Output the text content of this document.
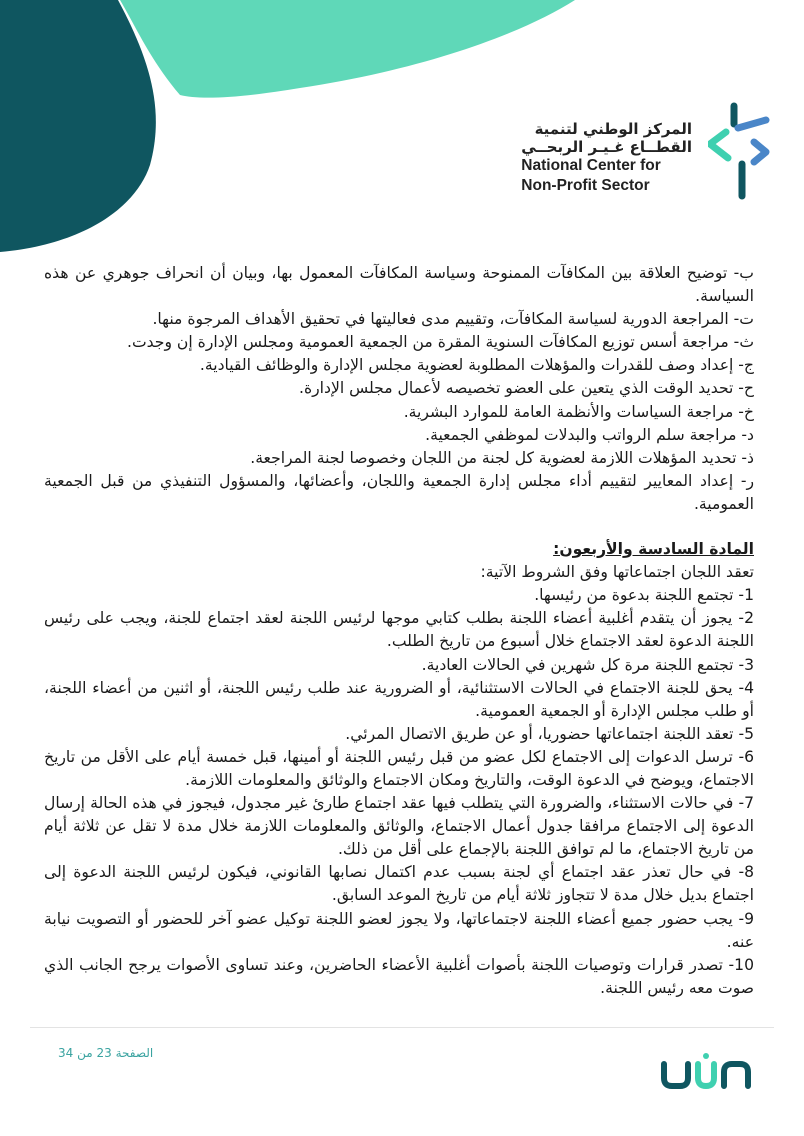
المركز الوطني لتنمية
القطــاع غـيـر الربحــي
National Center for
Non-Profit Sector

ب- توضيح العلاقة بين المكافآت الممنوحة وسياسة المكافآت المعمول بها، وبيان أن انحراف جوهري عن هذه السياسة.

ت- المراجعة الدورية لسياسة المكافآت، وتقييم مدى فعاليتها في تحقيق الأهداف المرجوة منها.

ث- مراجعة أسس توزيع المكافآت السنوية المقرة من الجمعية العمومية ومجلس الإدارة إن وجدت.

ج- إعداد وصف للقدرات والمؤهلات المطلوبة لعضوية مجلس الإدارة والوظائف القيادية.

ح- تحديد الوقت الذي يتعين على العضو تخصيصه لأعمال مجلس الإدارة.

خ- مراجعة السياسات والأنظمة العامة للموارد البشرية.

د- مراجعة سلم الرواتب والبدلات لموظفي الجمعية.

ذ- تحديد المؤهلات اللازمة لعضوية كل لجنة من اللجان وخصوصا لجنة المراجعة.

ر- إعداد المعايير لتقييم أداء مجلس إدارة الجمعية واللجان، وأعضائها، والمسؤول التنفيذي من قبل الجمعية العمومية.

المادة السادسة والأربعون:

تعقد اللجان اجتماعاتها وفق الشروط الآتية:

1- تجتمع اللجنة بدعوة من رئيسها.

2- يجوز أن يتقدم أغلبية أعضاء اللجنة بطلب كتابي موجها لرئيس اللجنة لعقد اجتماع للجنة، ويجب على رئيس اللجنة الدعوة لعقد الاجتماع خلال أسبوع من تاريخ الطلب.

3- تجتمع اللجنة مرة كل شهرين في الحالات العادية.

4- يحق للجنة الاجتماع في الحالات الاستثنائية، أو الضرورية عند طلب رئيس اللجنة، أو اثنين من أعضاء اللجنة، أو طلب مجلس الإدارة أو الجمعية العمومية.

5- تعقد اللجنة اجتماعاتها حضوريا، أو عن طريق الاتصال المرئي.

6- ترسل الدعوات إلى الاجتماع لكل عضو من قبل رئيس اللجنة أو أمينها، قبل خمسة أيام على الأقل من تاريخ الاجتماع، ويوضح في الدعوة الوقت، والتاريخ ومكان الاجتماع والوثائق والمعلومات اللازمة.

7- في حالات الاستثناء، والضرورة التي يتطلب فيها عقد اجتماع طارئ غير مجدول، فيجوز في هذه الحالة إرسال الدعوة إلى الاجتماع مرافقا جدول أعمال الاجتماع، والوثائق والمعلومات اللازمة خلال مدة لا تقل عن ثلاثة أيام من تاريخ الاجتماع، ما لم توافق اللجنة بالإجماع على أقل من ذلك.

8- في حال تعذر عقد اجتماع أي لجنة بسبب عدم اكتمال نصابها القانوني، فيكون لرئيس اللجنة الدعوة إلى اجتماع بديل خلال مدة لا تتجاوز ثلاثة أيام من تاريخ الموعد السابق.

9- يجب حضور جميع أعضاء اللجنة لاجتماعاتها، ولا يجوز لعضو اللجنة توكيل عضو آخر للحضور أو التصويت نيابة عنه.

10- تصدر قرارات وتوصيات اللجنة بأصوات أغلبية الأعضاء الحاضرين، وعند تساوى الأصوات يرجح الجانب الذي صوت معه رئيس اللجنة.

الصفحة 23 من 34
